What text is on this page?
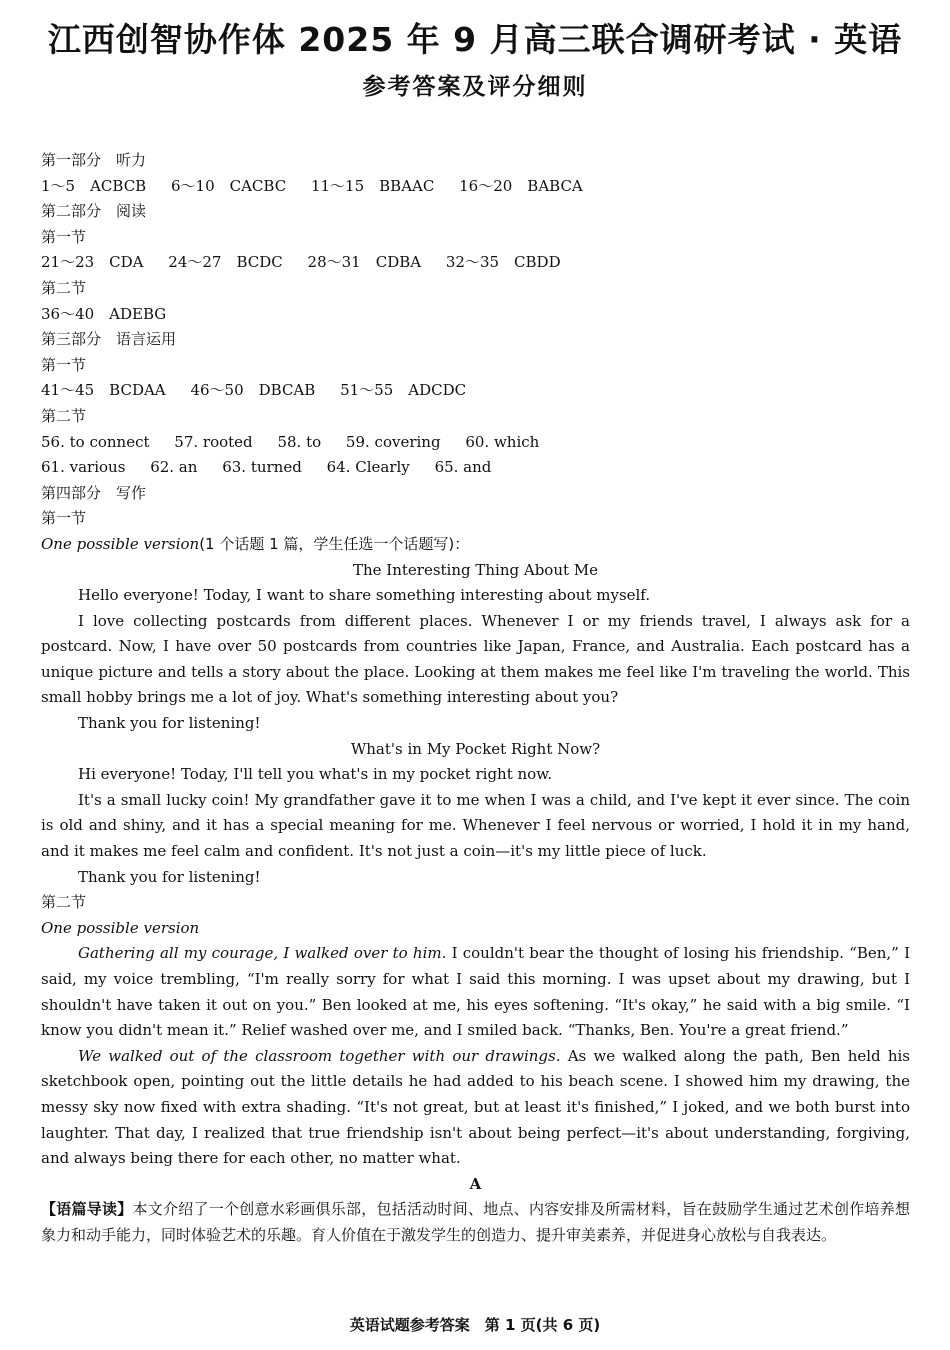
江西创智协作体 2025 年 9 月高三联合调研考试 · 英语
参考答案及评分细则
第一部分　听力
1～5　ACBCB 6～10　CACBC 11～15　BBAAC 16～20　BABCA
第二部分　阅读
第一节
21～23　CDA 24～27　BCDC 28～31　CDBA 32～35　CBDD
第二节
36～40　ADEBG
第三部分　语言运用
第一节
41～45　BCDAA 46～50　DBCAB 51～55　ADCDC
第二节
56. to connect 57. rooted 58. to 59. covering 60. which
61. various 62. an 63. turned 64. Clearly 65. and
第四部分　写作
第一节
One possible version(1 个话题 1 篇，学生任选一个话题写)：
The Interesting Thing About Me
Hello everyone! Today, I want to share something interesting about myself.
I love collecting postcards from different places. Whenever I or my friends travel, I always ask for a postcard. Now, I have over 50 postcards from countries like Japan, France, and Australia. Each postcard has a unique picture and tells a story about the place. Looking at them makes me feel like I'm traveling the world. This small hobby brings me a lot of joy. What's something interesting about you?
Thank you for listening!
What's in My Pocket Right Now?
Hi everyone! Today, I'll tell you what's in my pocket right now.
It's a small lucky coin! My grandfather gave it to me when I was a child, and I've kept it ever since. The coin is old and shiny, and it has a special meaning for me. Whenever I feel nervous or worried, I hold it in my hand, and it makes me feel calm and confident. It's not just a coin—it's my little piece of luck.
Thank you for listening!
第二节
One possible version
Gathering all my courage, I walked over to him. I couldn't bear the thought of losing his friendship. “Ben,” I said, my voice trembling, “I'm really sorry for what I said this morning. I was upset about my drawing, but I shouldn't have taken it out on you.” Ben looked at me, his eyes softening. “It's okay,” he said with a big smile. “I know you didn't mean it.” Relief washed over me, and I smiled back. “Thanks, Ben. You're a great friend.”
We walked out of the classroom together with our drawings. As we walked along the path, Ben held his sketchbook open, pointing out the little details he had added to his beach scene. I showed him my drawing, the messy sky now fixed with extra shading. “It's not great, but at least it's finished,” I joked, and we both burst into laughter. That day, I realized that true friendship isn't about being perfect—it's about understanding, forgiving, and always being there for each other, no matter what.
A
【语篇导读】本文介绍了一个创意水彩画俱乐部，包括活动时间、地点、内容安排及所需材料，旨在鼓励学生通过艺术创作培养想象力和动手能力，同时体验艺术的乐趣。育人价值在于激发学生的创造力、提升审美素养，并促进身心放松与自我表达。
英语试题参考答案　第 1 页(共 6 页)
